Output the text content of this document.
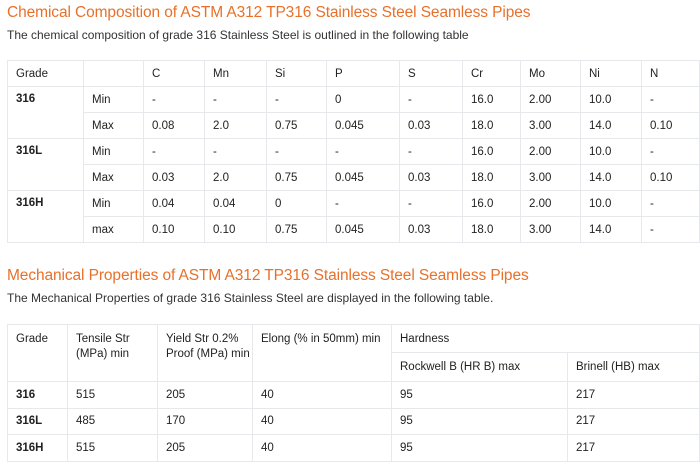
Chemical Composition of ASTM A312 TP316 Stainless Steel Seamless Pipes

The chemical composition of grade 316 Stainless Steel is outlined in the following table

Grade		C	Mn	Si	P	S	Cr	Mo	Ni	N
316	Min	-	-	-	0	-	16.0	2.00	10.0	-
	Max	0.08	2.0	0.75	0.045	0.03	18.0	3.00	14.0	0.10
316L	Min	-	-	-	-	-	16.0	2.00	10.0	-
	Max	0.03	2.0	0.75	0.045	0.03	18.0	3.00	14.0	0.10
316H	Min	0.04	0.04	0	-	-	16.0	2.00	10.0	-
	max	0.10	0.10	0.75	0.045	0.03	18.0	3.00	14.0	-
Mechanical Properties of ASTM A312 TP316 Stainless Steel Seamless Pipes

The Mechanical Properties of grade 316 Stainless Steel are displayed in the following table.

Grade	Tensile Str (MPa) min	Yield Str 0.2% Proof (MPa) min	Elong (% in 50mm) min	Hardness	
				Rockwell B (HR B) max	Brinell (HB) max
316	515	205	40	95	217
316L	485	170	40	95	217
316H	515	205	40	95	217
